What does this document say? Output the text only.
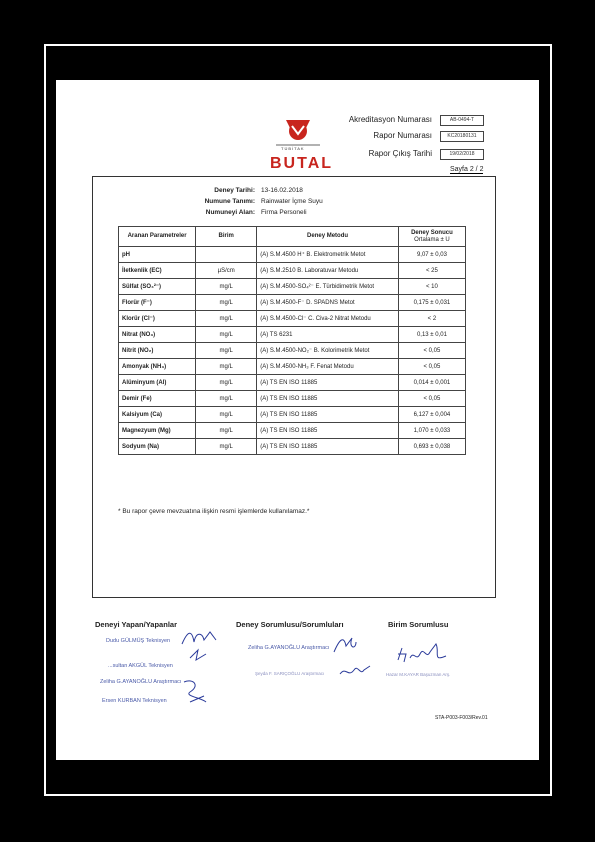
TÜBİTAK
BUTAL
Akreditasyon Numarası	AB-0494-T
Rapor Numarası	KC20180131
Rapor Çıkış Tarihi	19/02/2018
Sayfa 2 / 2
Deney Tarihi: 13-16.02.2018
Numune Tanımı: Rainwater İçme Suyu
Numuneyi Alan: Firma Personeli
Aranan Parametreler	Birim	Deney Metodu	Deney Sonucu
Ortalama ± U
pH		(A) S.M.4500 H⁺ B. Elektrometrik Metot	9,07 ± 0,03
İletkenlik (EC)	µS/cm	(A) S.M.2510 B. Laboratuvar Metodu	< 25
Sülfat (SO₄²⁻)	mg/L	(A) S.M.4500-SO₄²⁻ E. Türbidimetrik Metot	< 10
Florür (F⁻)	mg/L	(A) S.M.4500-F⁻ D. SPADNS Metot	0,175 ± 0,031
Klorür (Cl⁻)	mg/L	(A) S.M.4500-Cl⁻ C. Civa-2 Nitrat Metodu	< 2
Nitrat (NO₃)	mg/L	(A) TS 6231	0,13 ± 0,01
Nitrit (NO₂)	mg/L	(A) S.M.4500-NO₂⁻ B. Kolorimetrik Metot	< 0,05
Amonyak (NH₃)	mg/L	(A) S.M.4500-NH₃ F. Fenat Metodu	< 0,05
Alüminyum (Al)	mg/L	(A) TS EN ISO 11885	0,014 ± 0,001
Demir (Fe)	mg/L	(A) TS EN ISO 11885	< 0,05
Kalsiyum (Ca)	mg/L	(A) TS EN ISO 11885	6,127 ± 0,004
Magnezyum (Mg)	mg/L	(A) TS EN ISO 11885	1,070 ± 0,033
Sodyum (Na)	mg/L	(A) TS EN ISO 11885	0,693 ± 0,038
* Bu rapor çevre mevzuatına ilişkin resmi işlemlerde kullanılamaz.*
Deneyi Yapan/Yapanlar	Deney Sorumlusu/Sorumluları	Birim Sorumlusu
Dudu GÜLMÜŞ Teknisyen
...sultan AKGÜL Teknisyen
Zeliha G.AYANOĞLU Araştırmacı
Ersen KURBAN Teknisyen
Zeliha G.AYANOĞLU Araştırmacı
Şeyda F. SARIÇOĞLU Araştırmacı	Hazar M.KAYAR Başuzman Arş.
STA-P003-F003/Rev.01
